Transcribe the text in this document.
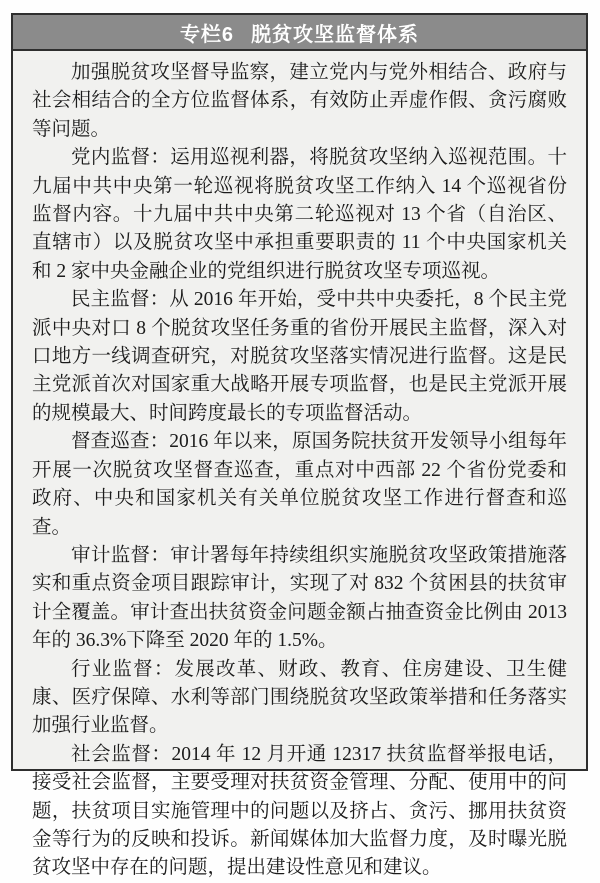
专栏6 脱贫攻坚监督体系

加强脱贫攻坚督导监察，建立党内与党外相结合、政府与社会相结合的全方位监督体系，有效防止弄虚作假、贪污腐败等问题。

党内监督：运用巡视利器，将脱贫攻坚纳入巡视范围。十九届中共中央第一轮巡视将脱贫攻坚工作纳入 14 个巡视省份监督内容。十九届中共中央第二轮巡视对 13 个省（自治区、直辖市）以及脱贫攻坚中承担重要职责的 11 个中央国家机关和 2 家中央金融企业的党组织进行脱贫攻坚专项巡视。

民主监督：从 2016 年开始，受中共中央委托，8 个民主党派中央对口 8 个脱贫攻坚任务重的省份开展民主监督，深入对口地方一线调查研究，对脱贫攻坚落实情况进行监督。这是民主党派首次对国家重大战略开展专项监督，也是民主党派开展的规模最大、时间跨度最长的专项监督活动。

督查巡查：2016 年以来，原国务院扶贫开发领导小组每年开展一次脱贫攻坚督查巡查，重点对中西部 22 个省份党委和政府、中央和国家机关有关单位脱贫攻坚工作进行督查和巡查。

审计监督：审计署每年持续组织实施脱贫攻坚政策措施落实和重点资金项目跟踪审计，实现了对 832 个贫困县的扶贫审计全覆盖。审计查出扶贫资金问题金额占抽查资金比例由 2013 年的 36.3%下降至 2020 年的 1.5%。

行业监督：发展改革、财政、教育、住房建设、卫生健康、医疗保障、水利等部门围绕脱贫攻坚政策举措和任务落实加强行业监督。

社会监督：2014 年 12 月开通 12317 扶贫监督举报电话，接受社会监督，主要受理对扶贫资金管理、分配、使用中的问题，扶贫项目实施管理中的问题以及挤占、贪污、挪用扶贫资金等行为的反映和投诉。新闻媒体加大监督力度，及时曝光脱贫攻坚中存在的问题，提出建设性意见和建议。
